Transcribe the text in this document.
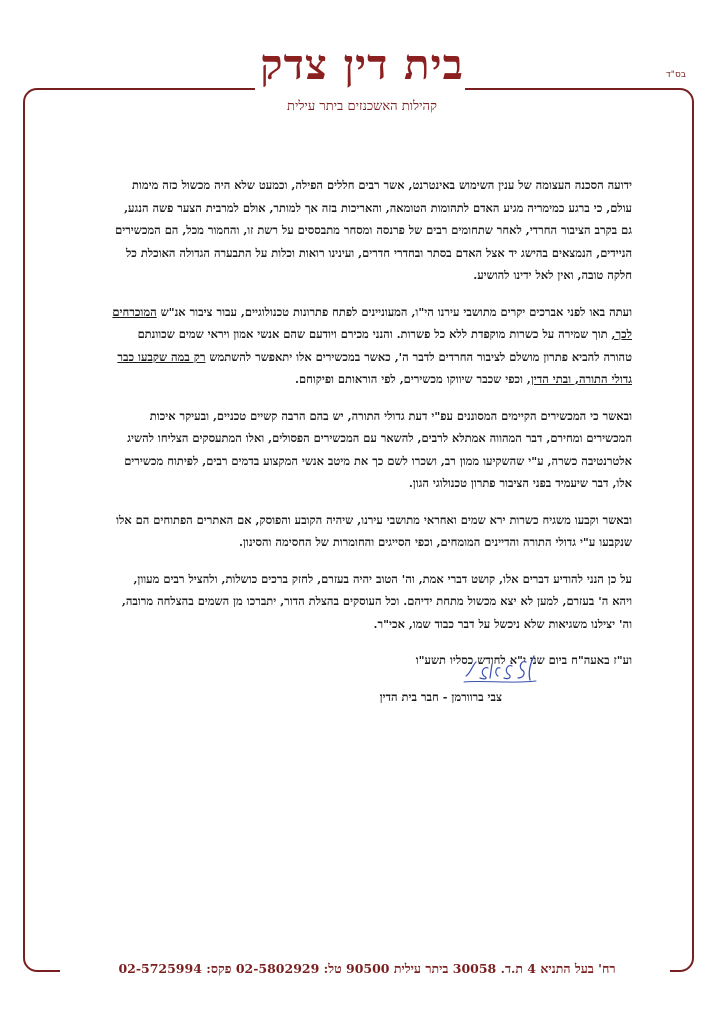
בס"ד
בית דין צדק
קהילות האשכנזים ביתר עילית

ידועה הסכנה העצומה של ענין השימוש באינטרנט, אשר רבים חללים הפילה, וכמעט שלא היה מכשול כזה מימות עולם, כי ברגע כמימריה מגיע האדם לתהומות הטומאה, והאריכות בזה אך למותר, אולם למרבית הצער פשה הנגע, גם בקרב הציבור החרדי, לאחר שתחומים רבים של פרנסה ומסחר מתבססים על רשת זו, והחמור מכל, הם המכשירים הניידים, הנמצאים בהישג יד אצל האדם בסתר ובחדרי חדרים, ועינינו רואות וכלות על התבערה הגדולה האוכלת כל חלקה טובה, ואין לאל ידינו להושיע.

ועתה באו לפני אברכים יקרים מתושבי עירנו הי"ו, המעוניינים לפתח פתרונות טכנולוגיים, עבור ציבור אנ"ש המוכרחים לכך, תוך שמירה על כשרות מוקפדת ללא כל פשרות. והנני מכירם ויודעם שהם אנשי אמון ויראי שמים שכוונתם טהורה להביא פתרון מושלם לציבור החרדים לדבר ה', כאשר במכשירים אלו יתאפשר להשתמש רק במה שקבעו כבר גדולי התורה, ובתי הדין, וכפי שכבר שיווקו מכשירים, לפי הוראותם ופיקוחם.

ובאשר כי המכשירים הקיימים המסוננים עפ"י דעת גדולי התורה, יש בהם הרבה קשיים טכניים, ובעיקר איכות המכשירים ומחירם, דבר המהווה אמתלא לרבים, להשאר עם המכשירים הפסולים, ואלו המתעסקים הצליחו להשיג אלטרנטיבה כשרה, ע"י שהשקיעו ממון רב, ושכרו לשם כך את מיטב אנשי המקצוע בדמים רבים, לפיתוח מכשירים אלו, דבר שיעמיד בפני הציבור פתרון טכנולוגי הגון.

ובאשר וקבעו משגיח כשרות ירא שמים ואחראי מתושבי עירנו, שיהיה הקובע והפוסק, אם האתרים הפתוחים הם אלו שנקבעו ע"י גדולי התורה והדיינים המומחים, וכפי הסייגים והחומרות של החסימה והסינון.

על כן הנני להודיע דברים אלו, קושט דברי אמת, וה' הטוב יהיה בעזרם, לחזק ברכים כושלות, ולהציל רבים מעוון, ויהא ה' בעזרם, למען לא יצא מכשול מתחת ידיהם. וכל העוסקים בהצלת הדור, יתברכו מן השמים בהצלחה מרובה, וה' יצילנו משגיאות שלא ניכשל על דבר כבוד שמו, אכי"ר.

וע"ז באעה"ח ביום שני י"א לחודש כסליו תשע"ו

צבי ברוורמן - חבר בית הדין
רח' בעל התניא 4 ת.ד. 30058 ביתר עילית 90500 טל: 02-5802929 פקס: 02-5725994
